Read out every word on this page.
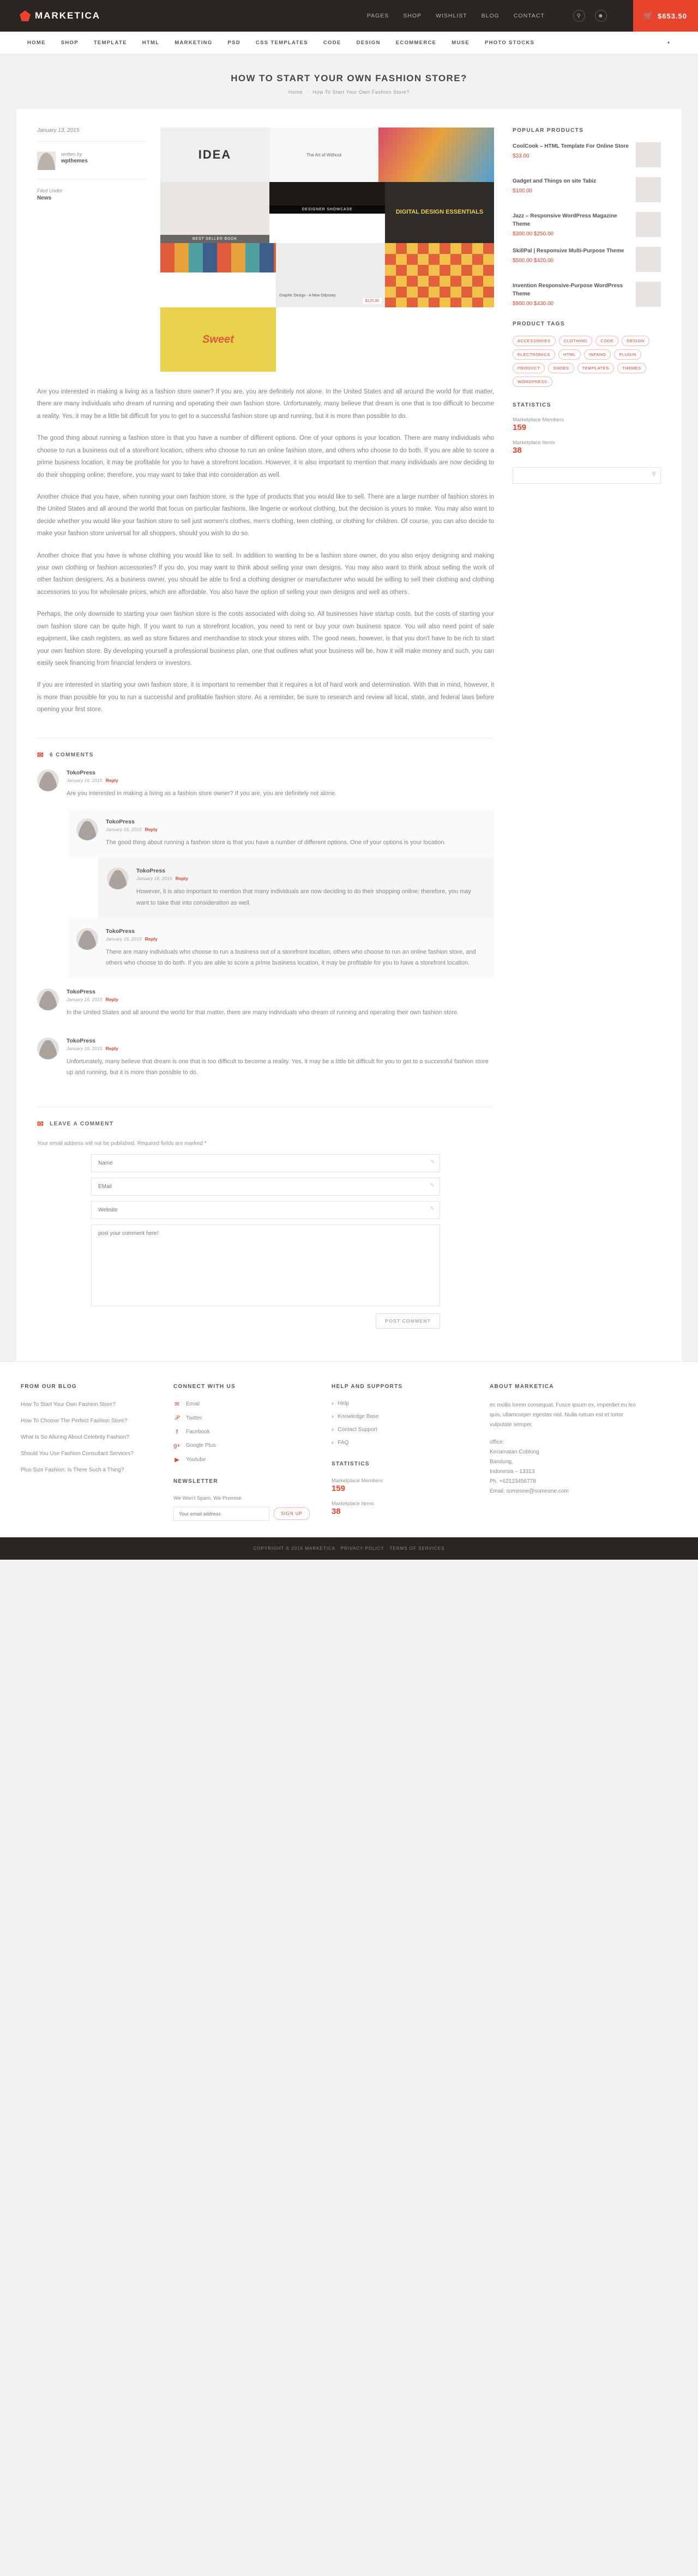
MARKETICA	PAGES SHOP WISHLIST BLOG CONTACT	⚲	☻	🛒 $653.50
HOME	SHOP	TEMPLATE	HTML	MARKETING	PSD	CSS TEMPLATES	CODE	DESIGN	ECOMMERCE	MUSE	PHOTO STOCKS	+
HOW TO START YOUR OWN FASHION STORE?
Home · How To Start Your Own Fashion Store?
January 13, 2015
written by
wpthemes
Filed Under
News
IDEA	The Art of Without
BEST SELLER BOOK
DESIGNER SHOWCASE	DIGITAL DESIGN ESSENTIALS
Graphic Design - A New Odyssey
$125.00
Sweet

Are you interested in making a living as a fashion store owner? If you are, you are definitely not alone. In the United States and all around the world for that matter, there are many individuals who dream of running and operating their own fashion store. Unfortunately, many believe that dream is one that is too difficult to become a reality. Yes, it may be a little bit difficult for you to get to a successful fashion store up and running, but it is more than possible to do.

The good thing about running a fashion store is that you have a number of different options. One of your options is your location. There are many individuals who choose to run a business out of a storefront location, others who choose to run an online fashion store, and others who choose to do both. If you are able to score a prime business location, it may be profitable for you to have a storefront location. However, it is also important to mention that many individuals are now deciding to do their shopping online; therefore, you may want to take that into consideration as well.

Another choice that you have, when running your own fashion store, is the type of products that you would like to sell. There are a large number of fashion stores in the United States and all around the world that focus on particular fashions, like lingerie or workout clothing, but the decision is yours to make. You may also want to decide whether you would like your fashion store to sell just women's clothes, men's clothing, teen clothing, or clothing for children. Of course, you can also decide to make your fashion store universal for all shoppers, should you wish to do so.

Another choice that you have is whose clothing you would like to sell. In addition to wanting to be a fashion store owner, do you also enjoy designing and making your own clothing or fashion accessories? If you do, you may want to think about selling your own designs. You may also want to think about selling the work of other fashion designers. As a business owner, you should be able to find a clothing designer or manufacturer who would be willing to sell their clothing and clothing accessories to you for wholesale prices, which are affordable. You also have the option of selling your own designs and well as others.

Perhaps, the only downside to starting your own fashion store is the costs associated with doing so. All businesses have startup costs, but the costs of starting your own fashion store can be quite high. If you want to run a storefront location, you need to rent or buy your own business space. You will also need point of sale equipment, like cash registers, as well as store fixtures and merchandise to stock your stores with. The good news, however, is that you don't have to be rich to start your own fashion store. By developing yourself a professional business plan, one that outlines what your business will be, how it will make money and such, you can easily seek financing from financial lenders or investors.

If you are interested in starting your own fashion store, it is important to remember that it requires a lot of hard work and determination. With that in mind, however, it is more than possible for you to run a successful and profitable fashion store. As a reminder, be sure to research and review all local, state, and federal laws before opening your first store.

✉ 6 COMMENTS
TokoPress
January 16, 2015 Reply
Are you interested in making a living as a fashion store owner? If you are, you are definitely not alone.
TokoPress
January 16, 2015 Reply
The good thing about running a fashion store is that you have a number of different options. One of your options is your location.
TokoPress
January 16, 2015 Reply
However, it is also important to mention that many individuals are now deciding to do their shopping online; therefore, you may want to take that into consideration as well.
TokoPress
January 16, 2015 Reply
There are many individuals who choose to run a business out of a storefront location, others who choose to run an online fashion store, and others who choose to do both. If you are able to score a prime business location, it may be profitable for you to have a storefront location.
TokoPress
January 16, 2015 Reply
In the United States and all around the world for that matter, there are many individuals who dream of running and operating their own fashion store.
TokoPress
January 16, 2015 Reply
Unfortunately, many believe that dream is one that is too difficult to become a reality. Yes, it may be a little bit difficult for you to get to a successful fashion store up and running, but it is more than possible to do.
✉ LEAVE A COMMENT
Your email address will not be published. Required fields are marked *
Name
✎
EMail
✎
Website
✎
post your comment here!
POST COMMENT
POPULAR PRODUCTS
CoolCook – HTML Template For Online Store
$33.00
Gadget and Things on site Tabiz
$100.00
Jazz – Responsive WordPress Magazine Theme
$300.00 $250.00
SkillPal | Responsive Multi-Purpose Theme
$500.00 $420.00
Invention Responsive-Purpose WordPress Theme
$900.00 $430.00
PRODUCT TAGS
ACCESSORIES	CLOTHING	CODE	DESIGN
ELECTRONICS	HTML	INFANO	PLUGIN
PRODUCT	SHOES	TEMPLATES	THEMES
WORDPRESS
STATISTICS
Marketplace Members
159
Marketplace Items
38
⚲
FROM OUR BLOG
How To Start Your Own Fashion Store?
How To Choose The Perfect Fashion Store?
What Is So Alluring About Celebrity Fashion?
Should You Use Fashion Consultant Services?
Plus Size Fashion: Is There Such a Thing?
CONNECT WITH US
✉ Email
𝒫 Twitter
f	Facebook
g+ Google Plus
▶ Youtube
NEWSLETTER
We Won't Spam, We Promise
Your email address
SIGN UP
HELP AND SUPPORTS
› Help
› Knowledge Base
› Contact Support
› FAQ
STATISTICS
Marketplace Members
159
Marketplace Items
38
ABOUT MARKETICA
ec mollis lorem consequat. Fusce ipsum ex, imperdiet eu leo quis, ullamcorper egestas nisl. Nulla rutrum est et tortor vulputate semper.
office:
Kecamatan Coblong
Bandung,
Indonesia – 13313
Ph. +62123456778
Email: someone@someone.com
COPYRIGHT © 2015 MARKETICA · PRIVACY POLICY · TERMS OF SERVICES
